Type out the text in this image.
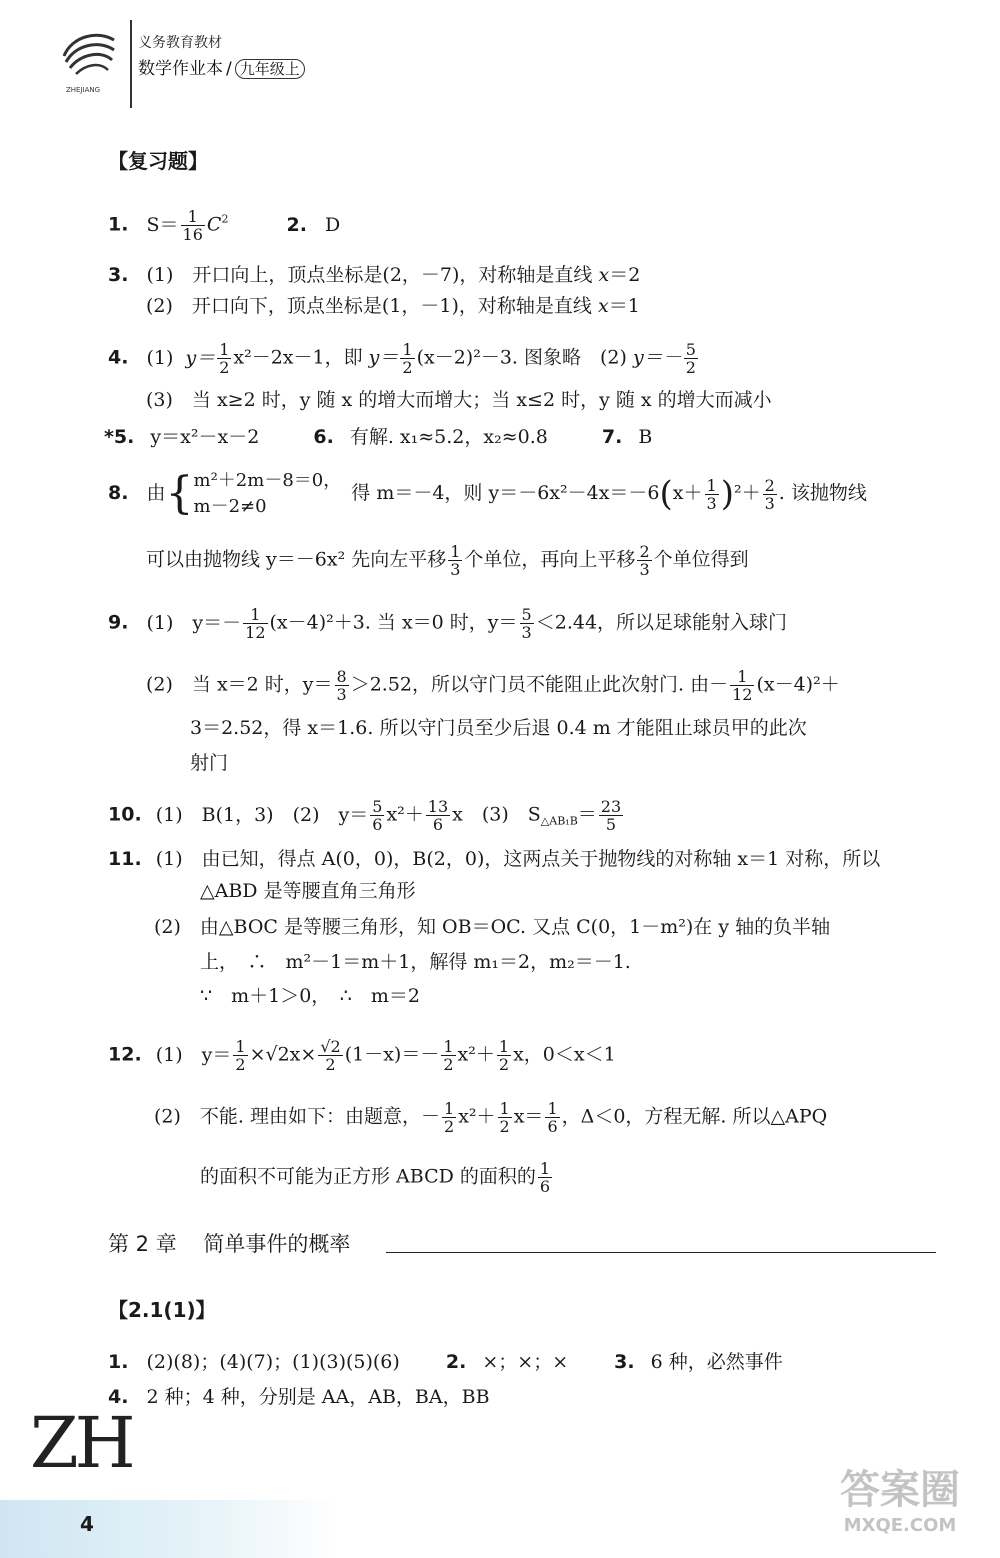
ZHEJIANG
义务教育教材
数学作业本 / 九年级上
【复习题】
1. $S= \frac{1}{16} C^2$	2. D
3. (1)　开口向上，顶点坐标是(2，－7)，对称轴是直线 x＝2
(2)　开口向下，顶点坐标是(1，－1)，对称轴是直线 x＝1
4. (1) $y= \frac{1}{2} x^2-2x-1$，即 $y= \frac{1}{2} (x-2)^2-3$. 图象略　(2) $y=- \frac{5}{2}$
(3)　当 x≥2 时，y 随 x 的增大而增大；当 x≤2 时，y 随 x 的增大而减小
*5. y＝x²－x－2	6. 有解. x₁≈5.2，x₂≈0.8	7. B
8. 由{ m²＋2m－8＝0，
m－2≠0
得 m＝－4，则 $y=-6x^2-4x=-6(x+ \frac{1}{3} )^2+ \frac{2}{3}$ . 该抛物线
可以由抛物线 y＝－6x² 先向左平移 $\frac{1}{3}$ 个单位，再向上平移 $\frac{2}{3}$ 个单位得到
9. (1)　$y=- \frac{1}{12} (x-4)^2+3$. 当 x＝0 时，$y= \frac{5}{3} <2.44$，所以足球能射入球门
(2)　当 x＝2 时，$y= \frac{8}{3} >2.52$，所以守门员不能阻止此次射门. 由－ $\frac{1}{12} (x-4)^2+$
3＝2.52，得 x＝1.6. 所以守门员至少后退 0.4 m 才能阻止球员甲的此次
射门
10. (1)　B(1，3)　(2)　$y= \frac{5}{6} x^2+ \frac{13}{6}$ x　(3)　$S_{\triangle AB_1B}= \frac{23}{5}$
11. (1)　由已知，得点 A(0，0)，B(2，0)，这两点关于抛物线的对称轴 x＝1 对称，所以
△ABD 是等腰直角三角形
(2)　由△BOC 是等腰三角形，知 OB＝OC. 又点 C(0，1－m²)在 y 轴的负半轴
上，　∴　m²－1＝m＋1，解得 m₁＝2，m₂＝－1.
∵　m＋1＞0，　∴　m＝2
12. (1)　$y= \frac{1}{2} \times√2x\times \frac{√2}{2} (1-x)=- \frac{1}{2} x^2+ \frac{1}{2}$ x，0＜x＜1
(2)　不能. 理由如下：由题意，－ $\frac{1}{2} x^2+ \frac{1}{2} x= \frac{1}{6}$ ，Δ＜0，方程无解. 所以△APQ
的面积不可能为正方形 ABCD 的面积的 $\frac{1}{6}$
第 2 章 简单事件的概率
【2.1(1)】
1. (2)(8)；(4)(7)；(1)(3)(5)(6) 2. ×；×；× 3. 6 种，必然事件
4. 2 种；4 种，分别是 AA，AB，BA，BB
ZH
4
答案圈
MXQE.COM
